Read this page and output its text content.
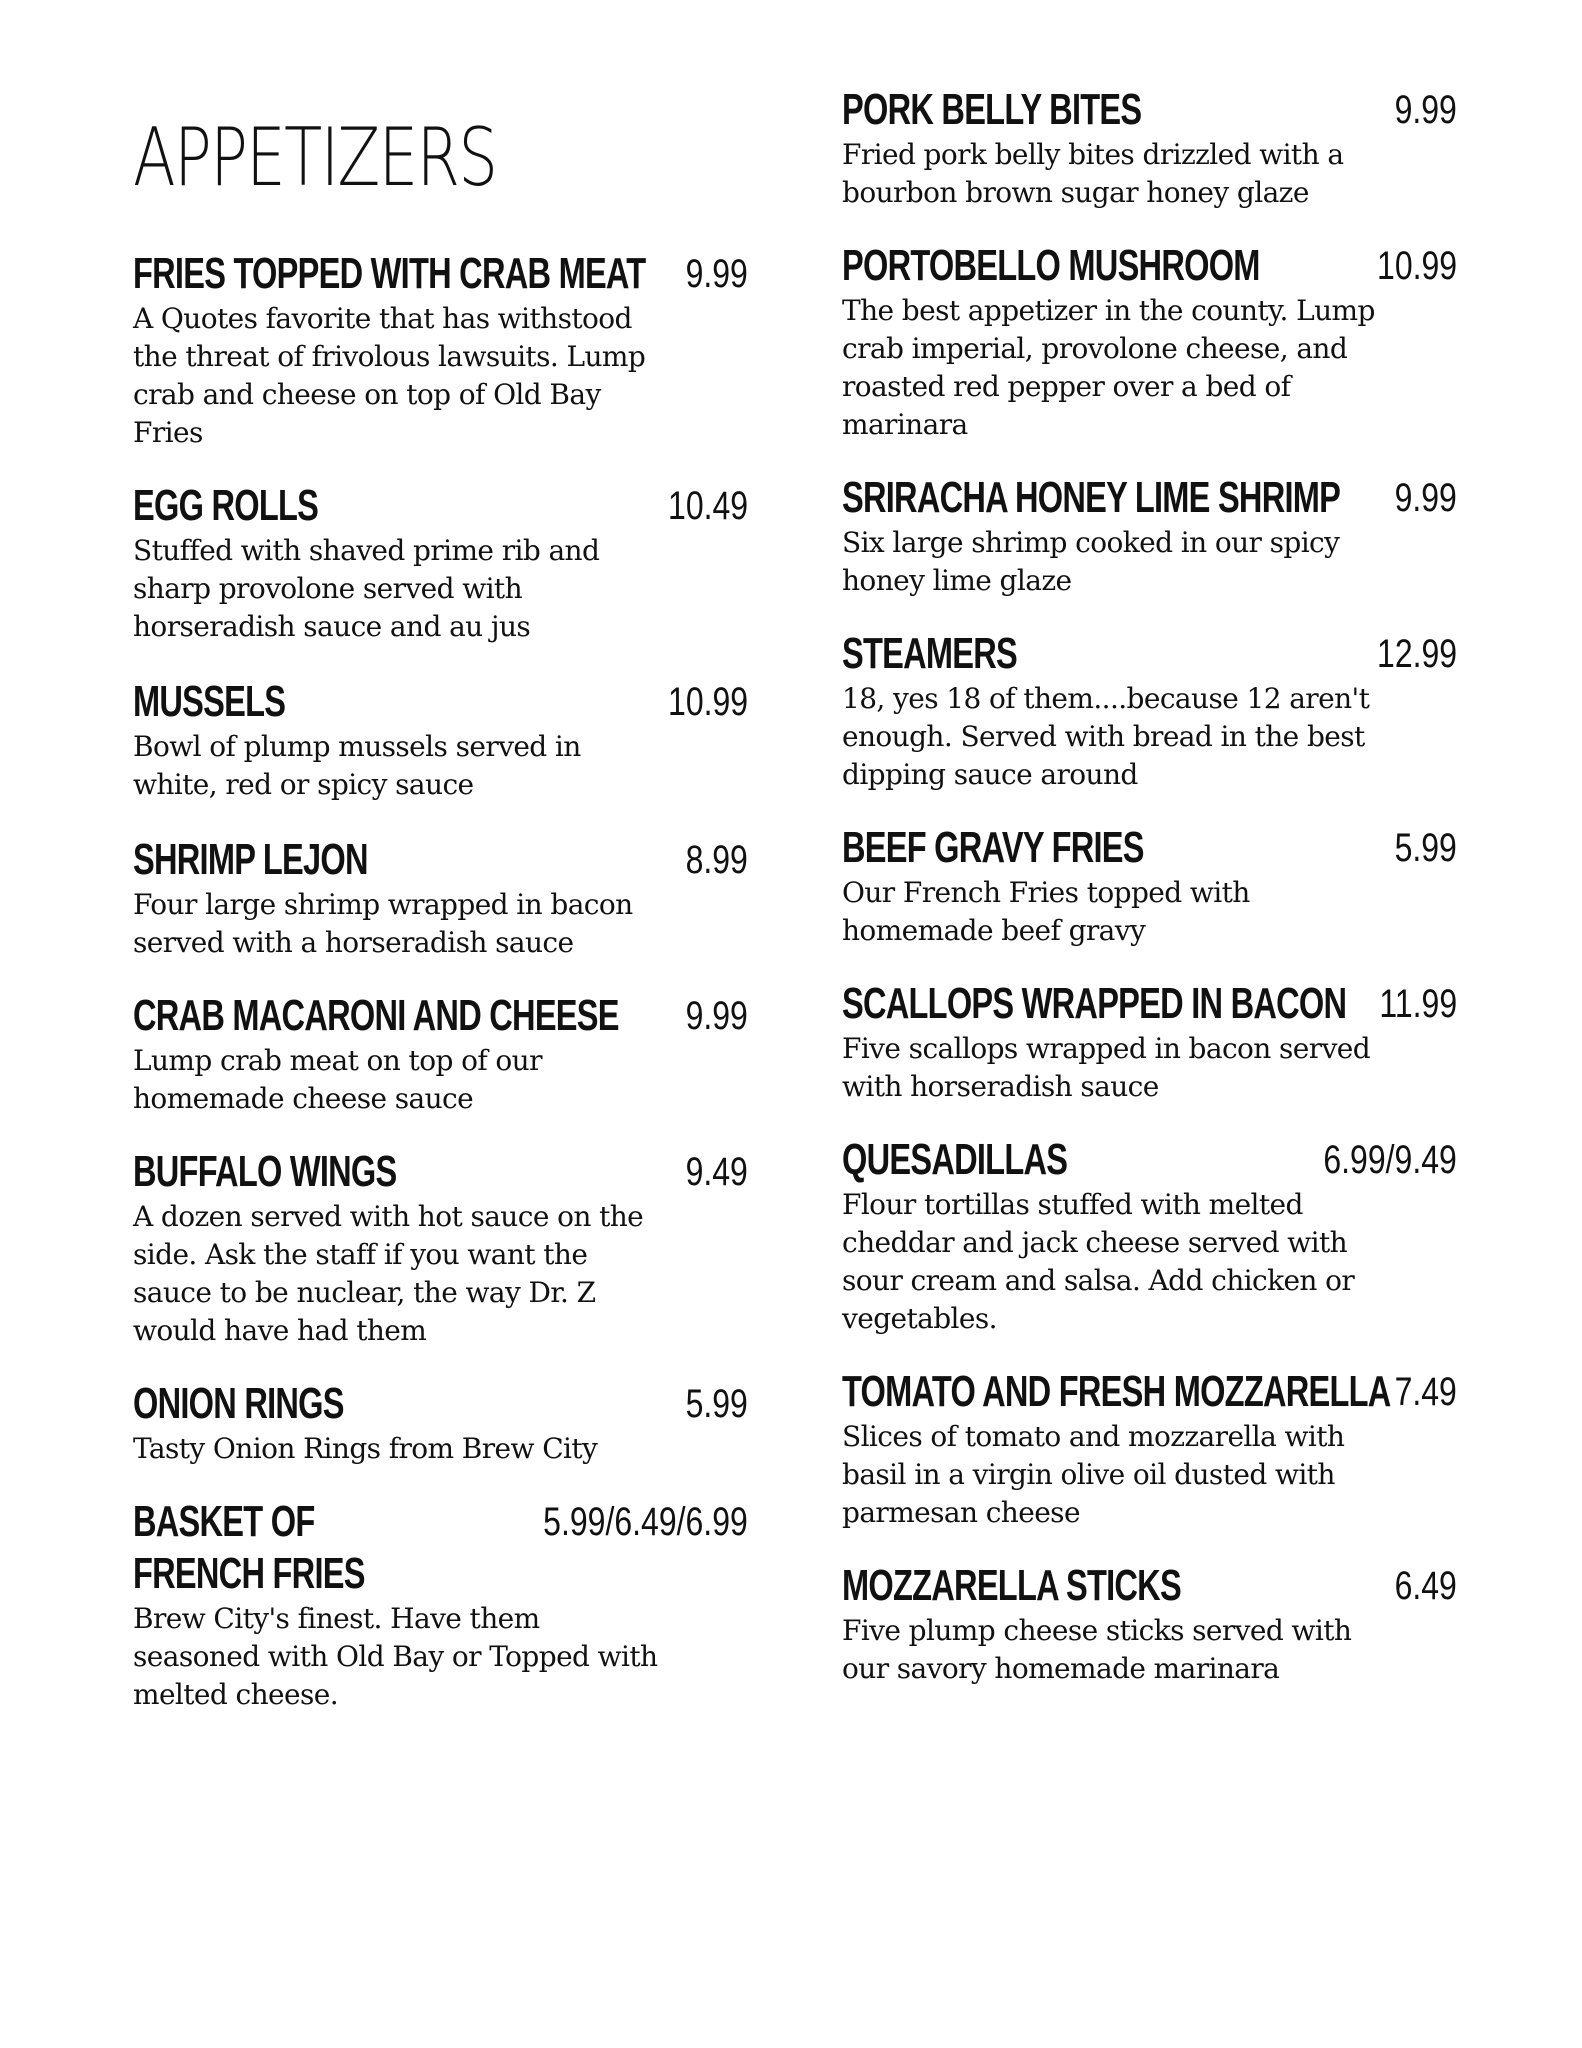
APPETIZERS
FRIES TOPPED WITH CRAB MEAT 9.99

A Quotes favorite that has withstood the threat of frivolous lawsuits. Lump crab and cheese on top of Old Bay Fries

EGG ROLLS	10.49

Stuffed with shaved prime rib and sharp provolone served with horseradish sauce and au jus

MUSSELS	10.99

Bowl of plump mussels served in white, red or spicy sauce

SHRIMP LEJON	8.99

Four large shrimp wrapped in bacon served with a horseradish sauce

CRAB MACARONI AND CHEESE 9.99

Lump crab meat on top of our homemade cheese sauce

BUFFALO WINGS	9.49

A dozen served with hot sauce on the side. Ask the staff if you want the sauce to be nuclear, the way Dr. Z would have had them

ONION RINGS	5.99

Tasty Onion Rings from Brew City

BASKET OF FRENCH FRIES
5.99/6.49/6.99

Brew City's finest. Have them seasoned with Old Bay or Topped with melted cheese.

PORK BELLY BITES	9.99

Fried pork belly bites drizzled with a bourbon brown sugar honey glaze

PORTOBELLO MUSHROOM	10.99

The best appetizer in the county. Lump crab imperial, provolone cheese, and roasted red pepper over a bed of marinara

SRIRACHA HONEY LIME SHRIMP 9.99

Six large shrimp cooked in our spicy honey lime glaze

STEAMERS	12.99

18, yes 18 of them....because 12 aren't enough. Served with bread in the best dipping sauce around

BEEF GRAVY FRIES	5.99

Our French Fries topped with homemade beef gravy

SCALLOPS WRAPPED IN BACON 11.99

Five scallops wrapped in bacon served with horseradish sauce

QUESADILLAS	6.99/9.49

Flour tortillas stuffed with melted cheddar and jack cheese served with sour cream and salsa. Add chicken or vegetables.

TOMATO AND FRESH MOZZARELLA 7.49

Slices of tomato and mozzarella with basil in a virgin olive oil dusted with parmesan cheese

MOZZARELLA STICKS	6.49

Five plump cheese sticks served with our savory homemade marinara
